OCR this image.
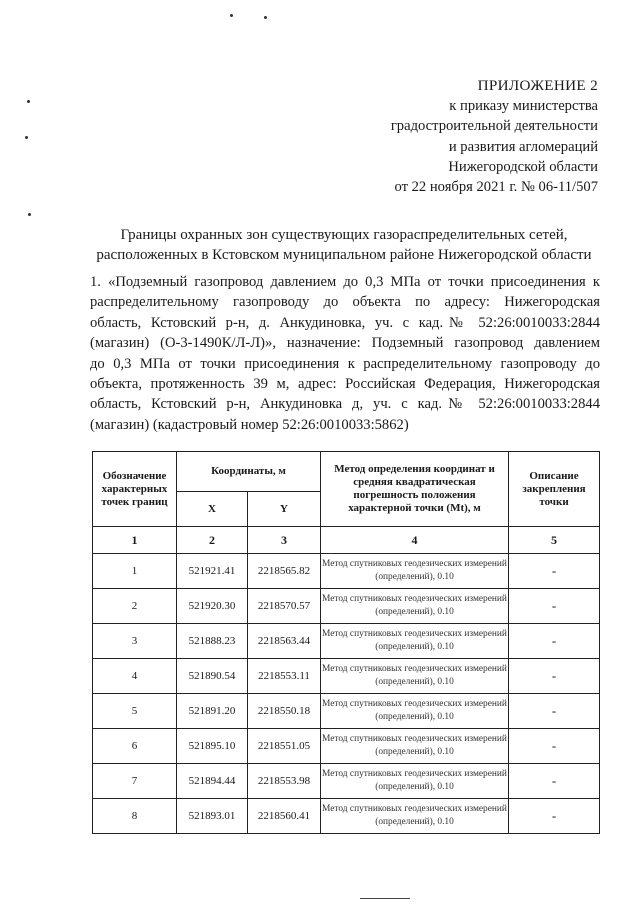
ПРИЛОЖЕНИЕ 2
к приказу министерства
градостроительной деятельности
и развития агломераций
Нижегородской области
от 22 ноября 2021 г. № 06-11/507
Границы охранных зон существующих газораспределительных сетей,
расположенных в Кстовском муниципальном районе Нижегородской области
1. «Подземный газопровод давлением до 0,3 МПа от точки присоединения к
распределительному газопроводу до объекта по адресу: Нижегородская
область, Кстовский р-н, д. Анкудиновка, уч. с кад.№ 52:26:0010033:2844
(магазин) (О-3-1490К/Л-Л)», назначение: Подземный газопровод давлением
до 0,3 МПа от точки присоединения к распределительному газопроводу до
объекта, протяженность 39 м, адрес: Российская Федерация, Нижегородская
область, Кстовский р-н, Анкудиновка д, уч. с кад.№ 52:26:0010033:2844
(магазин) (кадастровый номер 52:26:0010033:5862)
Обозначение характерных точек границ	Координаты, м		Метод определения координат и средняя квадратическая погрешность положения характерной точки (Mt), м	Описание закрепления точки
	X	Y		
1	2	3	4	5
1	521921.41	2218565.82	Метод спутниковых геодезических измерений (определений), 0.10	-
2	521920.30	2218570.57	Метод спутниковых геодезических измерений (определений), 0.10	-
3	521888.23	2218563.44	Метод спутниковых геодезических измерений (определений), 0.10	-
4	521890.54	2218553.11	Метод спутниковых геодезических измерений (определений), 0.10	-
5	521891.20	2218550.18	Метод спутниковых геодезических измерений (определений), 0.10	-
6	521895.10	2218551.05	Метод спутниковых геодезических измерений (определений), 0.10	-
7	521894.44	2218553.98	Метод спутниковых геодезических измерений (определений), 0.10	-
8	521893.01	2218560.41	Метод спутниковых геодезических измерений (определений), 0.10	-
